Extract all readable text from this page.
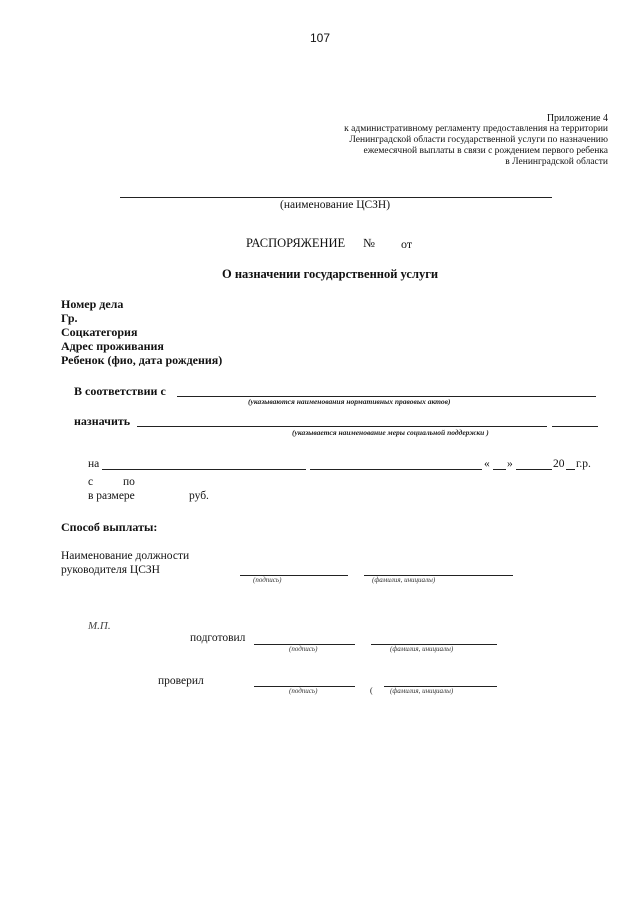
107
Приложение 4
к административному регламенту предоставления на территории
Ленинградской области государственной услуги по назначению
ежемесячной выплаты в связи с рождением первого ребенка
в Ленинградской области
(наименование ЦСЗН)
РАСПОРЯЖЕНИЕ № от
О назначении государственной услуги
Номер дела
Гр.
Соцкатегория
Адрес проживания
Ребенок (фио, дата рождения)
В соответствии с
(указываются наименования нормативных правовых актов)
назначить
(указывается наименование меры социальной поддержки )
на	« »	20 г.р.
с	по
в размере	руб.
Способ выплаты:
Наименование должности
руководителя ЦСЗН
(подпись)	(фамилия, инициалы)
М.П.
подготовил
(подпись)	(фамилия, инициалы)
проверил
(подпись)	( (фамилия, инициалы)
